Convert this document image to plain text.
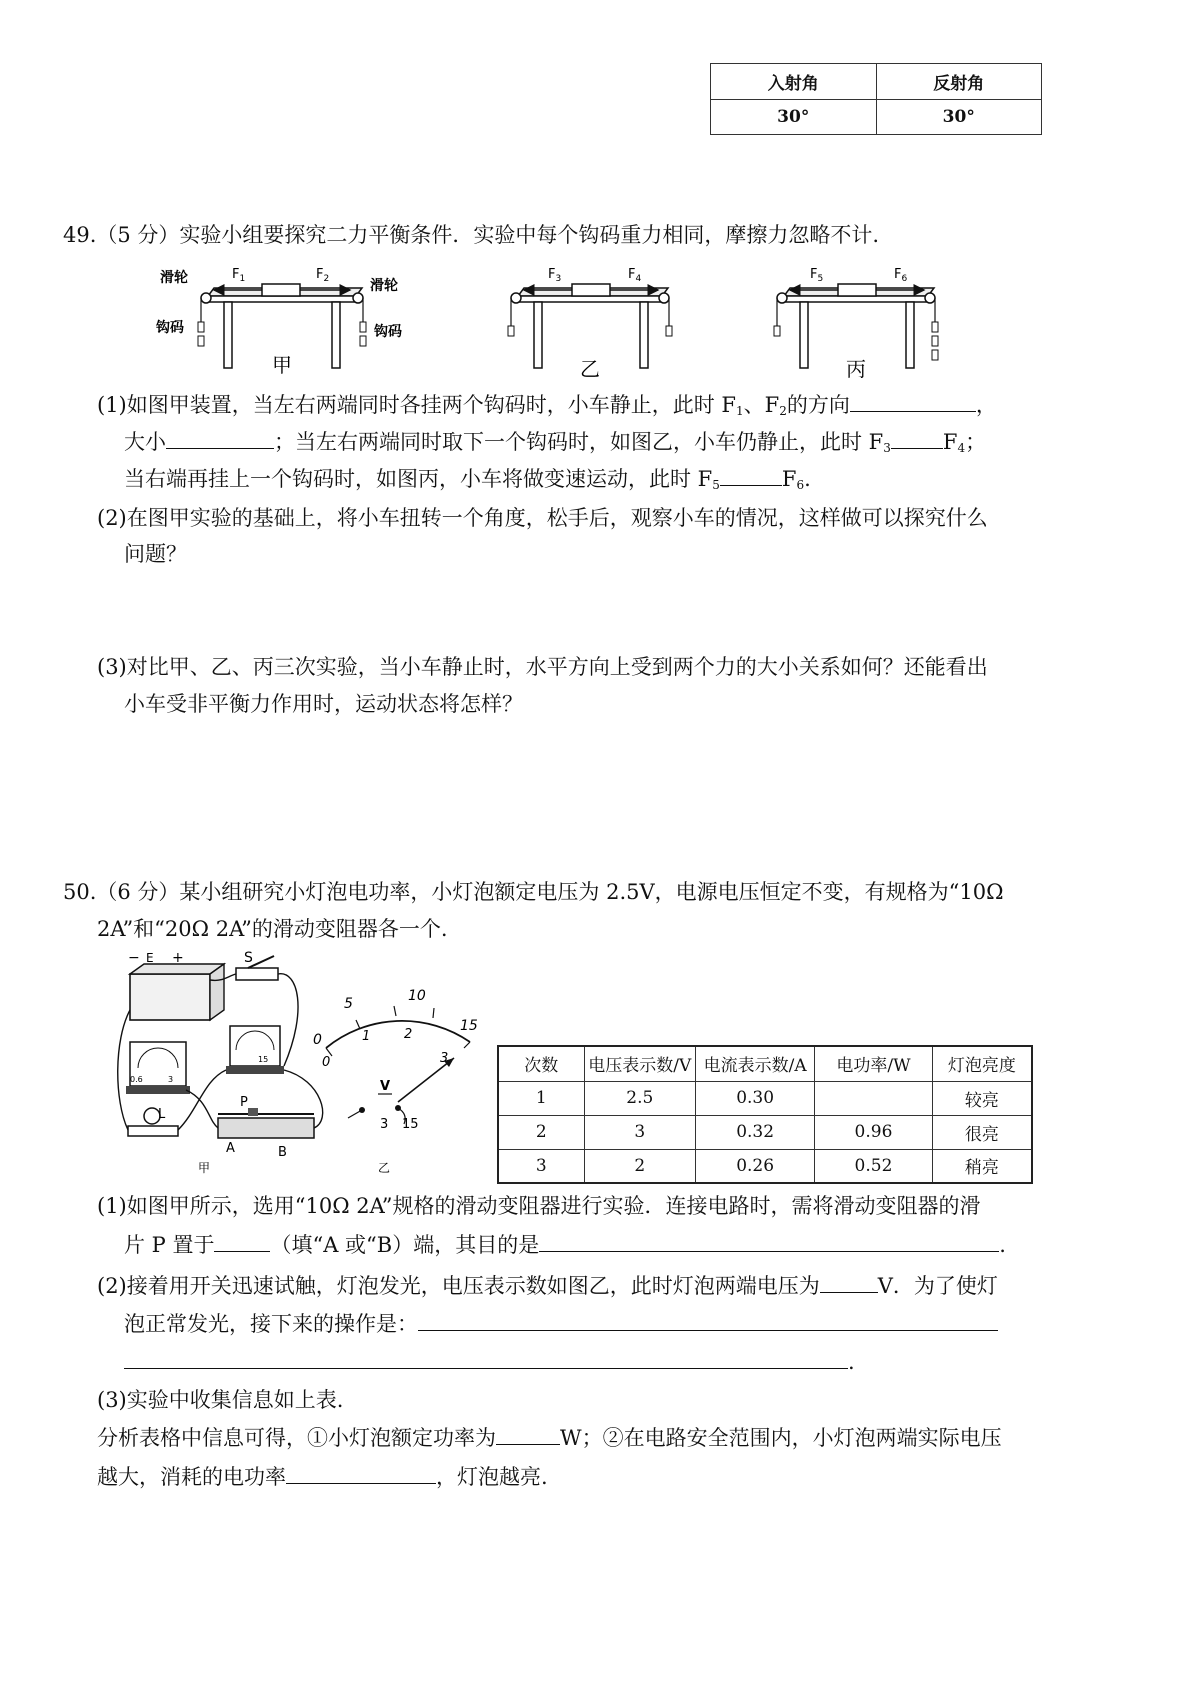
入射角	反射角
30°	30°
49.（5 分）实验小组要探究二力平衡条件．实验中每个钩码重力相同，摩擦力忽略不计.
滑轮	滑轮
钩码	钩码
$F_1$	$F_2$
甲
$F_3$	$F_4$
乙
$F_5$	$F_6$
丙
(1)如图甲装置，当左右两端同时各挂两个钩码时，小车静止，此时 $F_1$、$F_2$的方向	，
大小	；当左右两端同时取下一个钩码时，如图乙，小车仍静止，此时 $F_3$ $F_4$；
当右端再挂上一个钩码时，如图丙，小车将做变速运动，此时 $F_5$	$F_6$.
(2)在图甲实验的基础上，将小车扭转一个角度，松手后，观察小车的情况，这样做可以探究什么
问题？
(3)对比甲、乙、丙三次实验，当小车静止时，水平方向上受到两个力的大小关系如何？还能看出
小车受非平衡力作用时，运动状态将怎样？
50.（6 分）某小组研究小灯泡电功率，小灯泡额定电压为 2.5V，电源电压恒定不变，有规格为“10Ω
2A”和“20Ω 2A”的滑动变阻器各一个.
− E +	S
0.6	3
15
L
P
A	B
甲
0
5	10
15
0
1	2
3
V
3 15
乙
次数	电压表示数/V	电流表示数/A	电功率/W	灯泡亮度
1	2.5	0.30		较亮
2	3	0.32	0.96	很亮
3	2	0.26	0.52	稍亮
(1)如图甲所示，选用“10Ω 2A”规格的滑动变阻器进行实验．连接电路时，需将滑动变阻器的滑
片 P 置于	（填“A 或“B）端，其目的是	.
(2)接着用开关迅速试触，灯泡发光，电压表示数如图乙，此时灯泡两端电压为	V．为了使灯
泡正常发光，接下来的操作是：
.
(3)实验中收集信息如上表.
分析表格中信息可得，①小灯泡额定功率为	W；②在电路安全范围内，小灯泡两端实际电压
越大，消耗的电功率	，灯泡越亮.
